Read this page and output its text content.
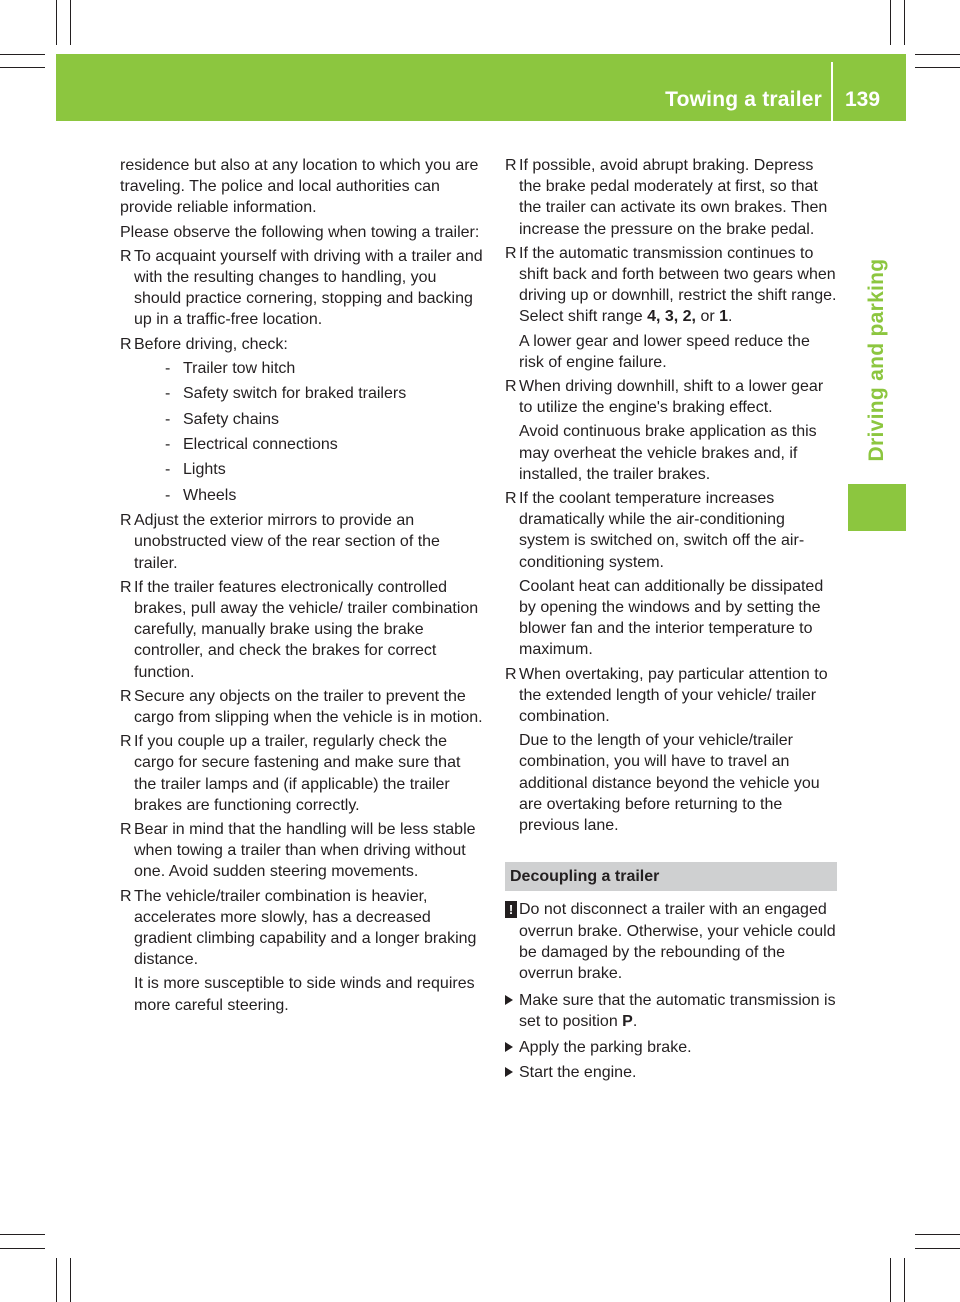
Towing a trailer 139
Driving and parking
residence but also at any location to which you are traveling. The police and local authorities can provide reliable information.
Please observe the following when towing a trailer:
R To acquaint yourself with driving with a trailer and with the resulting changes to handling, you should practice cornering, stopping and backing up in a traffic-free location.
R Before driving, check:
- Trailer tow hitch
- Safety switch for braked trailers
- Safety chains
- Electrical connections
- Lights
- Wheels
R Adjust the exterior mirrors to provide an unobstructed view of the rear section of the trailer.
R If the trailer features electronically controlled brakes, pull away the vehicle/ trailer combination carefully, manually brake using the brake controller, and check the brakes for correct function.
R Secure any objects on the trailer to prevent the cargo from slipping when the vehicle is in motion.
R If you couple up a trailer, regularly check the cargo for secure fastening and make sure that the trailer lamps and (if applicable) the trailer brakes are functioning correctly.
R Bear in mind that the handling will be less stable when towing a trailer than when driving without one. Avoid sudden steering movements.
R The vehicle/trailer combination is heavier, accelerates more slowly, has a decreased gradient climbing capability and a longer braking distance.
It is more susceptible to side winds and requires more careful steering.
R If possible, avoid abrupt braking. Depress the brake pedal moderately at first, so that the trailer can activate its own brakes. Then increase the pressure on the brake pedal.
R If the automatic transmission continues to shift back and forth between two gears when driving up or downhill, restrict the shift range. Select shift range 4, 3, 2, or 1.
A lower gear and lower speed reduce the risk of engine failure.
R When driving downhill, shift to a lower gear to utilize the engine's braking effect.
Avoid continuous brake application as this may overheat the vehicle brakes and, if installed, the trailer brakes.
R If the coolant temperature increases dramatically while the air-conditioning system is switched on, switch off the air-conditioning system.
Coolant heat can additionally be dissipated by opening the windows and by setting the blower fan and the interior temperature to maximum.
R When overtaking, pay particular attention to the extended length of your vehicle/ trailer combination.
Due to the length of your vehicle/trailer combination, you will have to travel an additional distance beyond the vehicle you are overtaking before returning to the previous lane.
Decoupling a trailer
! Do not disconnect a trailer with an engaged overrun brake. Otherwise, your vehicle could be damaged by the rebounding of the overrun brake.
Make sure that the automatic transmission is set to position P.
Apply the parking brake.
Start the engine.
